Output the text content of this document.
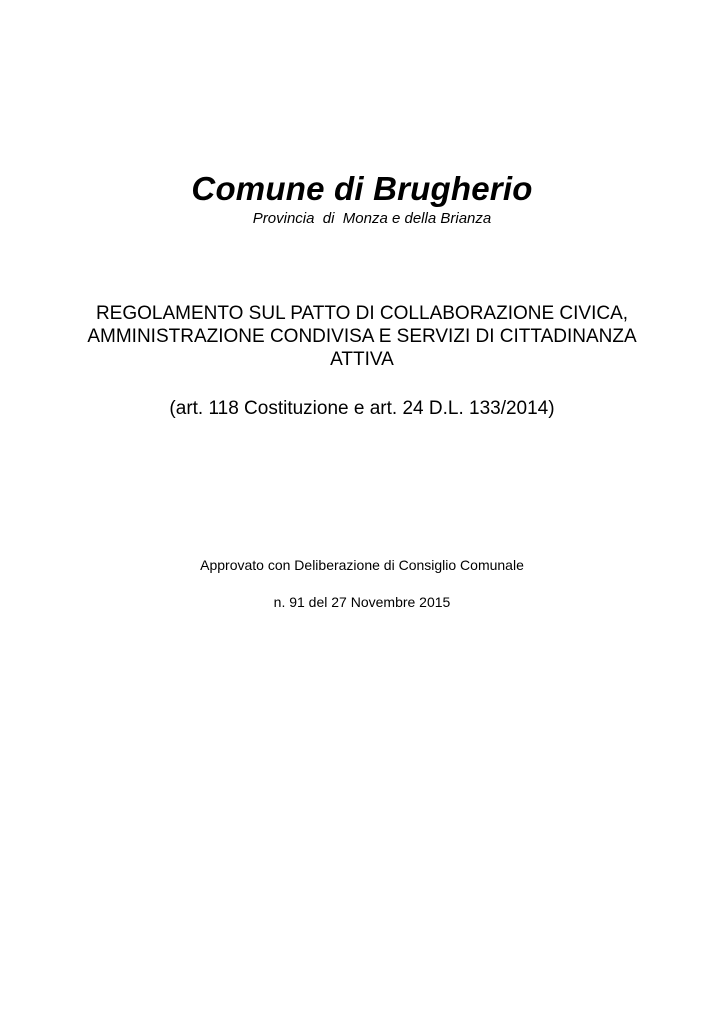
Comune di Brugherio

Provincia  di  Monza e della Brianza

REGOLAMENTO SUL PATTO DI COLLABORAZIONE CIVICA,
AMMINISTRAZIONE CONDIVISA E SERVIZI DI CITTADINANZA
ATTIVA
(art. 118 Costituzione e art. 24 D.L. 133/2014)
Approvato con Deliberazione di Consiglio Comunale
n. 91 del 27 Novembre 2015
